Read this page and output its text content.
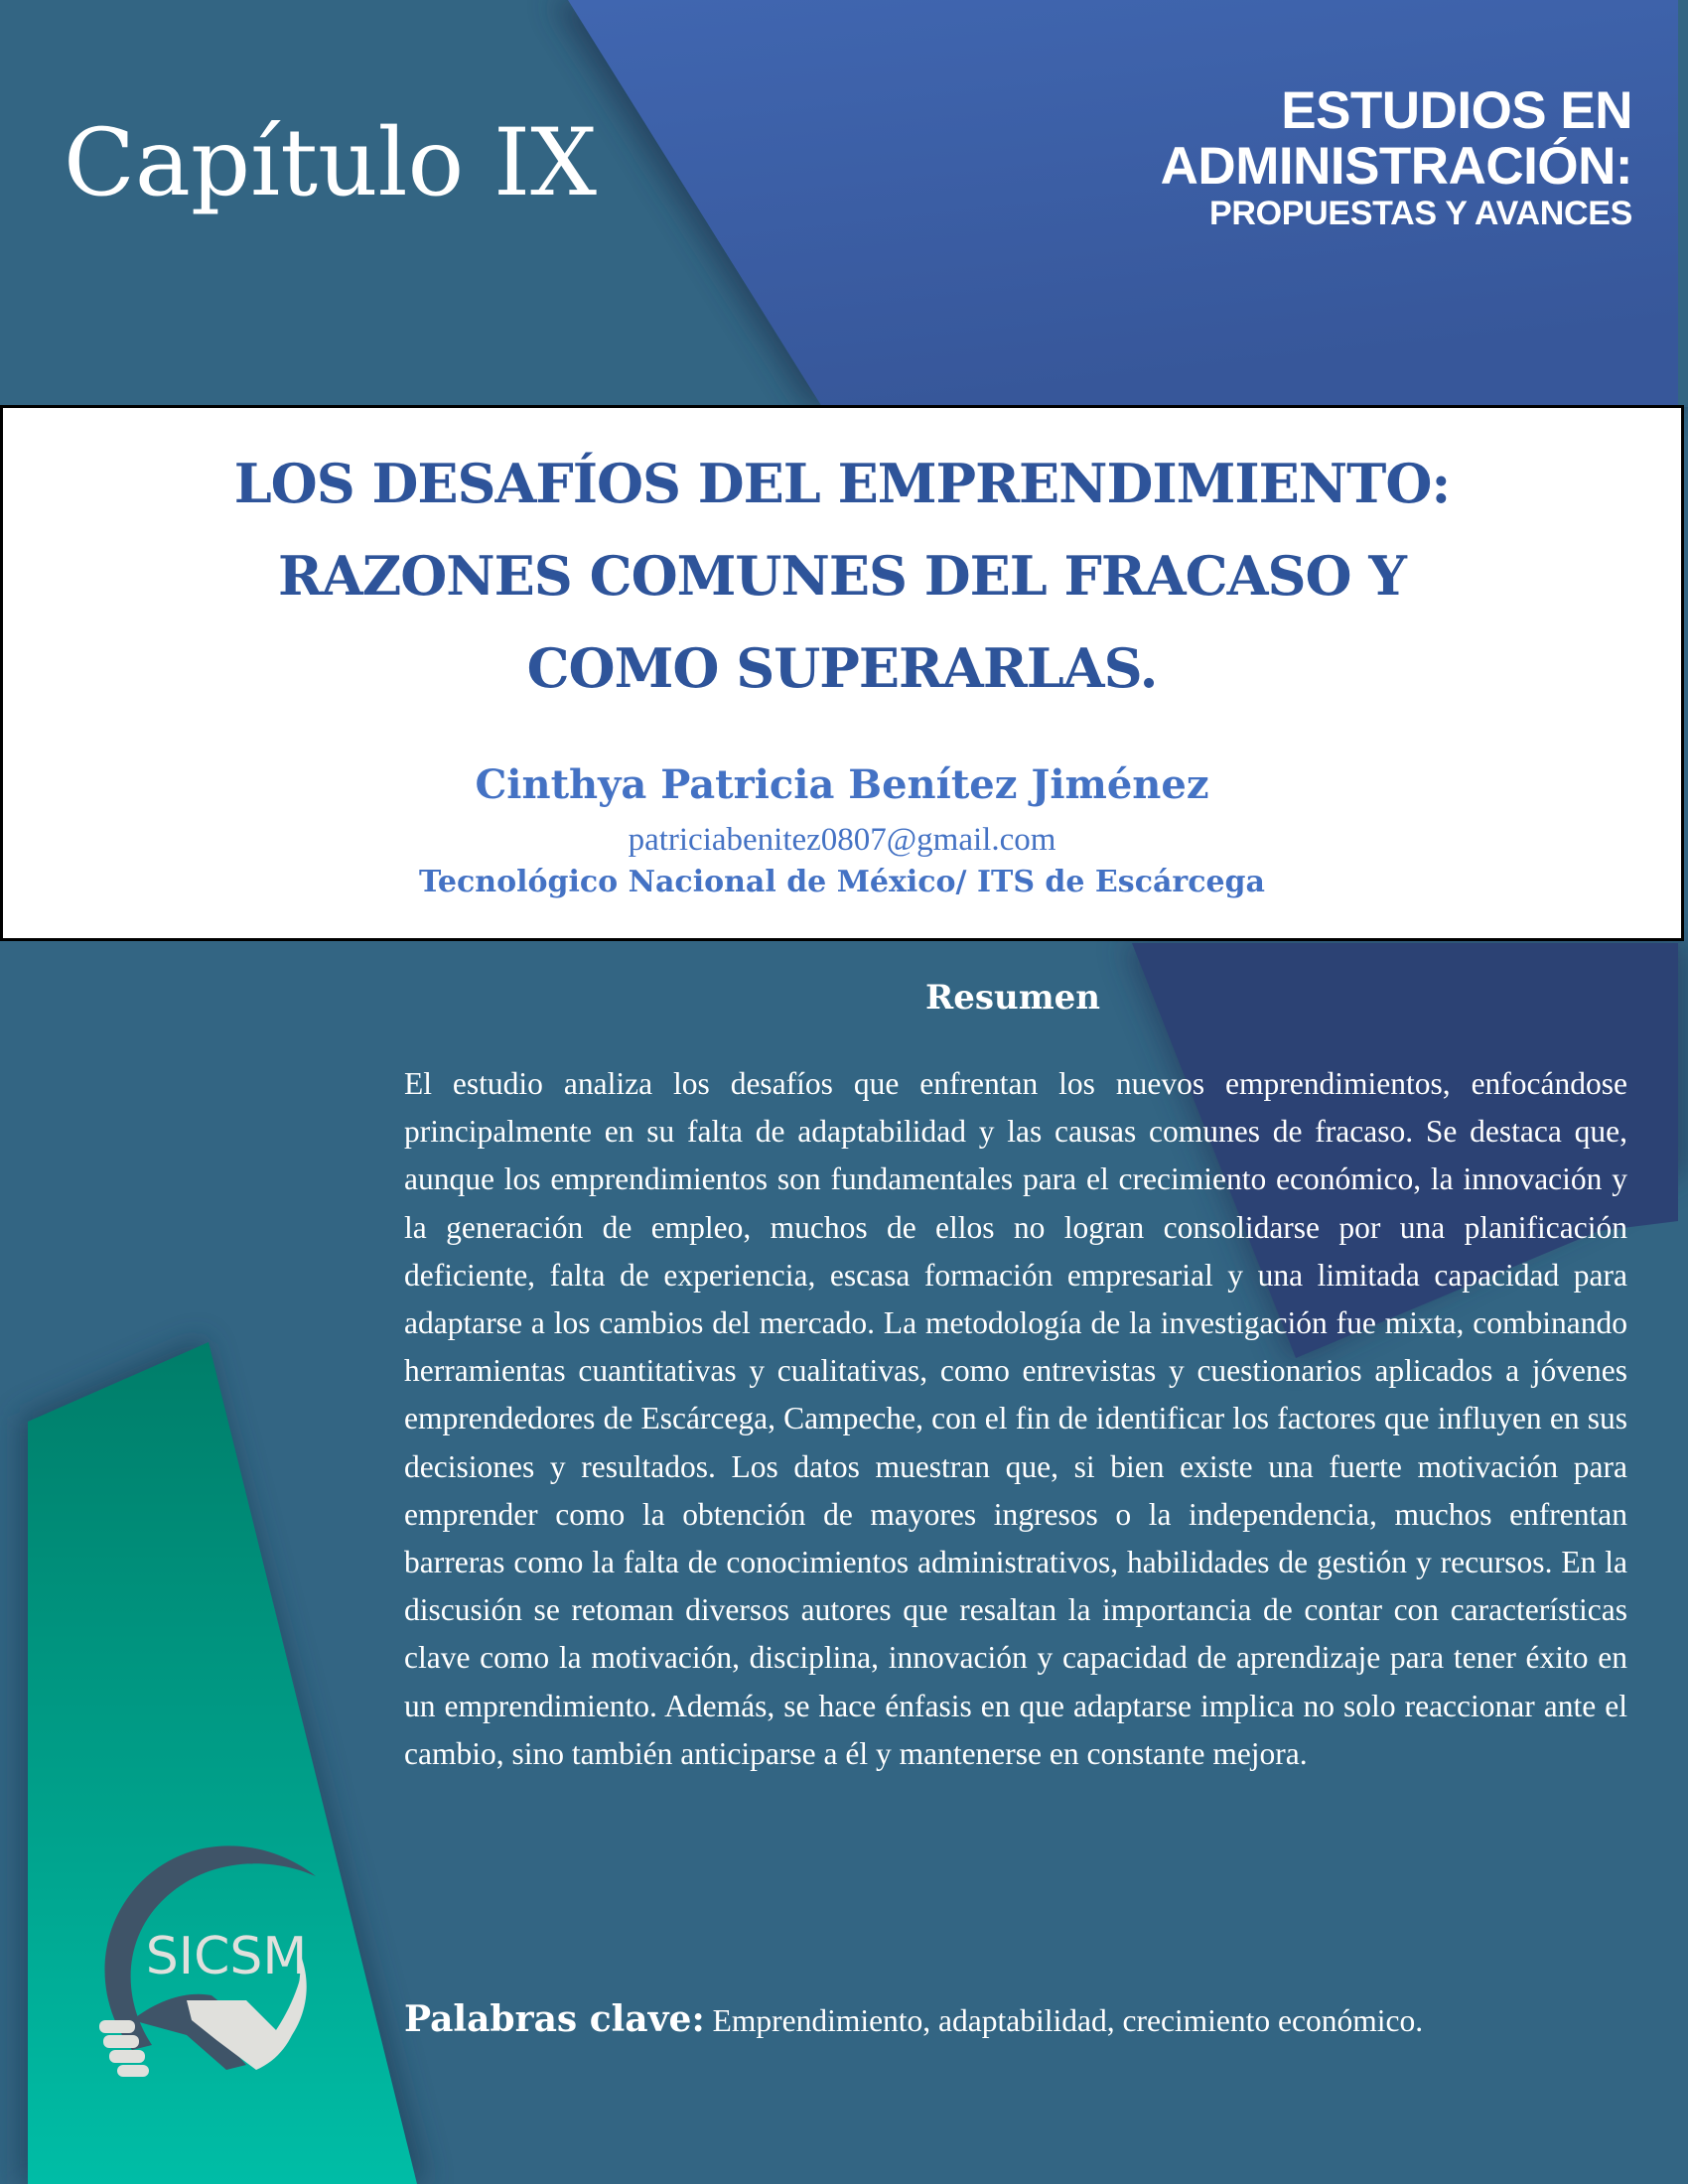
Capítulo IX	ESTUDIOS EN
ADMINISTRACIÓN:
PROPUESTAS Y AVANCES
LOS DESAFÍOS DEL EMPRENDIMIENTO:
RAZONES COMUNES DEL FRACASO Y
COMO SUPERARLAS.
Cinthya Patricia Benítez Jiménez
patriciabenitez0807@gmail.com
Tecnológico Nacional de México/ ITS de Escárcega
Resumen
El estudio analiza los desafíos que enfrentan los nuevos emprendimientos, enfocándose principalmente en su falta de adaptabilidad y las causas comunes de fracaso. Se destaca que, aunque los emprendimientos son fundamentales para el crecimiento económico, la innovación y la generación de empleo, muchos de ellos no logran consolidarse por una planificación deficiente, falta de experiencia, escasa formación empresarial y una limitada capacidad para adaptarse a los cambios del mercado. La metodología de la investigación fue mixta, combinando herramientas cuantitativas y cualitativas, como entrevistas y cuestionarios aplicados a jóvenes emprendedores de Escárcega, Campeche, con el fin de identificar los factores que influyen en sus decisiones y resultados. Los datos muestran que, si bien existe una fuerte motivación para emprender como la obtención de mayores ingresos o la independencia, muchos enfrentan barreras como la falta de conocimientos administrativos, habilidades de gestión y recursos. En la discusión se retoman diversos autores que resaltan la importancia de contar con características clave como la motivación, disciplina, innovación y capacidad de aprendizaje para tener éxito en un emprendimiento. Además, se hace énfasis en que adaptarse implica no solo reaccionar ante el cambio, sino también anticiparse a él y mantenerse en constante mejora.
Palabras clave: Emprendimiento, adaptabilidad, crecimiento económico.
SICSM
